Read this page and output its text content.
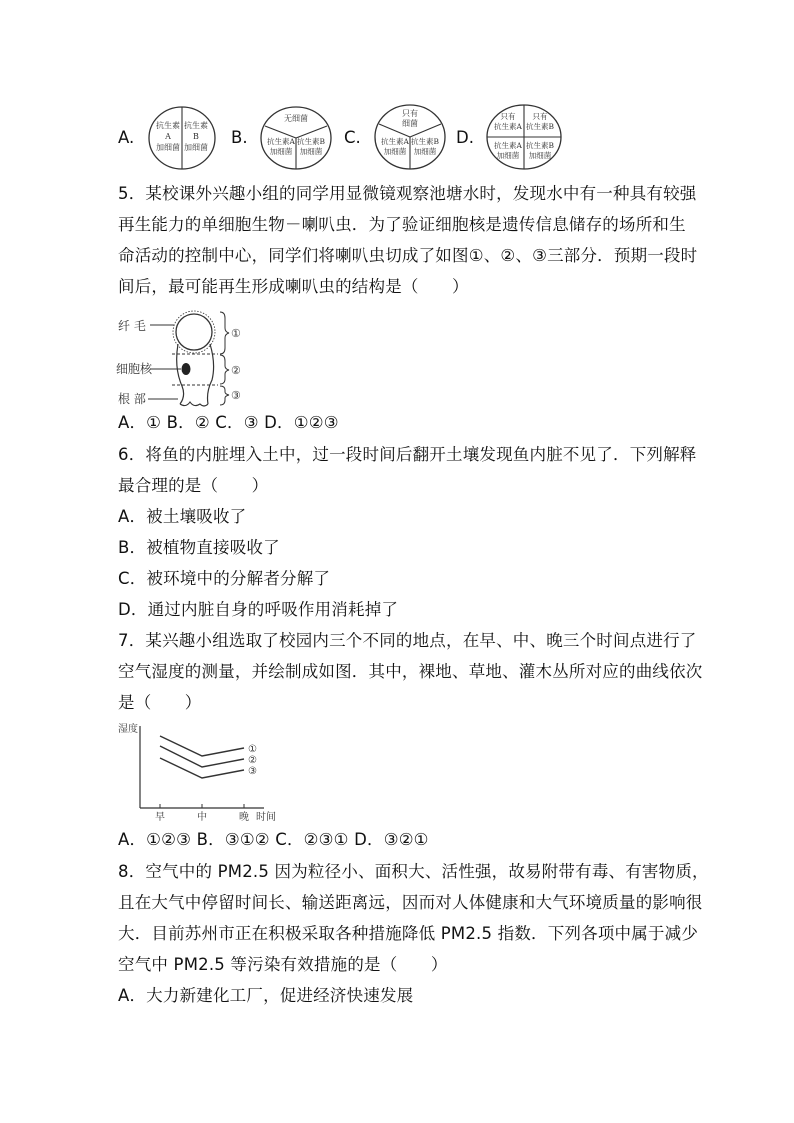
A.
抗生素
A
加细菌
抗生素
B
加细菌
B.
无细菌
抗生素A
加细菌
抗生素B
加细菌
C.
只有
细菌
抗生素A
加细菌
抗生素B
加细菌
D.
只有 只有
抗生素A 抗生素B
抗生素A
加细菌
抗生素B
加细菌
5．某校课外兴趣小组的同学用显微镜观察池塘水时，发现水中有一种具有较强
再生能力的单细胞生物－喇叭虫．为了验证细胞核是遗传信息储存的场所和生
命活动的控制中心，同学们将喇叭虫切成了如图①、②、③三部分．预期一段时
间后，最可能再生形成喇叭虫的结构是（　　）
纤 毛
细胞核
根 部
①
②
③
A．① B．② C．③ D．①②③
6．将鱼的内脏埋入土中，过一段时间后翻开土壤发现鱼内脏不见了．下列解释
最合理的是（　　）
A．被土壤吸收了
B．被植物直接吸收了
C．被环境中的分解者分解了
D．通过内脏自身的呼吸作用消耗掉了
7．某兴趣小组选取了校园内三个不同的地点，在早、中、晚三个时间点进行了
空气湿度的测量，并绘制成如图．其中，裸地、草地、灌木丛所对应的曲线依次
是（　　）
湿度
①
②
③
早	中	晚 时间
A．①②③ B．③①② C．②③① D．③②①
8．空气中的 PM2.5 因为粒径小、面积大、活性强，故易附带有毒、有害物质，
且在大气中停留时间长、输送距离远，因而对人体健康和大气环境质量的影响很
大．目前苏州市正在积极采取各种措施降低 PM2.5 指数．下列各项中属于减少
空气中 PM2.5 等污染有效措施的是（　　）
A．大力新建化工厂，促进经济快速发展
